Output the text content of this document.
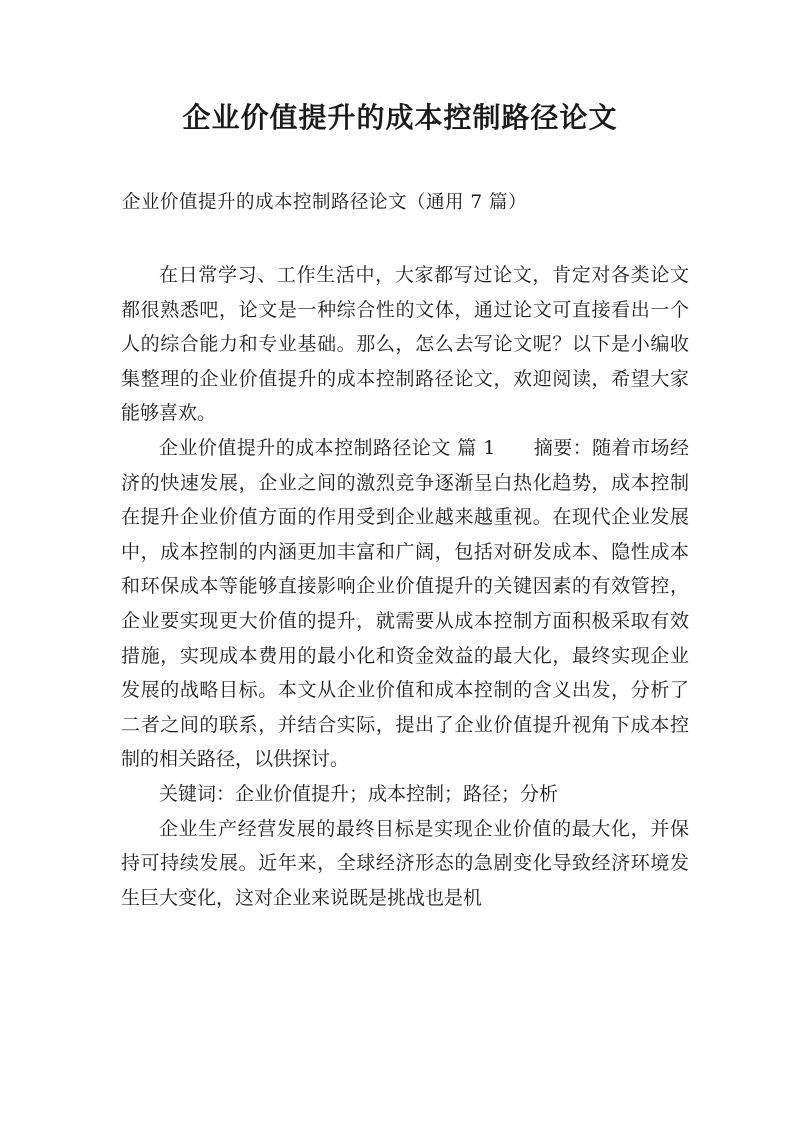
企业价值提升的成本控制路径论文
企业价值提升的成本控制路径论文（通用 7 篇）

在日常学习、工作生活中，大家都写过论文，肯定对各类论文都很熟悉吧，论文是一种综合性的文体，通过论文可直接看出一个人的综合能力和专业基础。那么，怎么去写论文呢？以下是小编收集整理的企业价值提升的成本控制路径论文，欢迎阅读，希望大家能够喜欢。

企业价值提升的成本控制路径论文 篇 1 摘要：随着市场经济的快速发展，企业之间的激烈竞争逐渐呈白热化趋势，成本控制在提升企业价值方面的作用受到企业越来越重视。在现代企业发展中，成本控制的内涵更加丰富和广阔，包括对研发成本、隐性成本和环保成本等能够直接影响企业价值提升的关键因素的有效管控，企业要实现更大价值的提升，就需要从成本控制方面积极采取有效措施，实现成本费用的最小化和资金效益的最大化，最终实现企业发展的战略目标。本文从企业价值和成本控制的含义出发，分析了二者之间的联系，并结合实际，提出了企业价值提升视角下成本控制的相关路径，以供探讨。

关键词：企业价值提升；成本控制；路径；分析

企业生产经营发展的最终目标是实现企业价值的最大化，并保持可持续发展。近年来，全球经济形态的急剧变化导致经济环境发生巨大变化，这对企业来说既是挑战也是机
